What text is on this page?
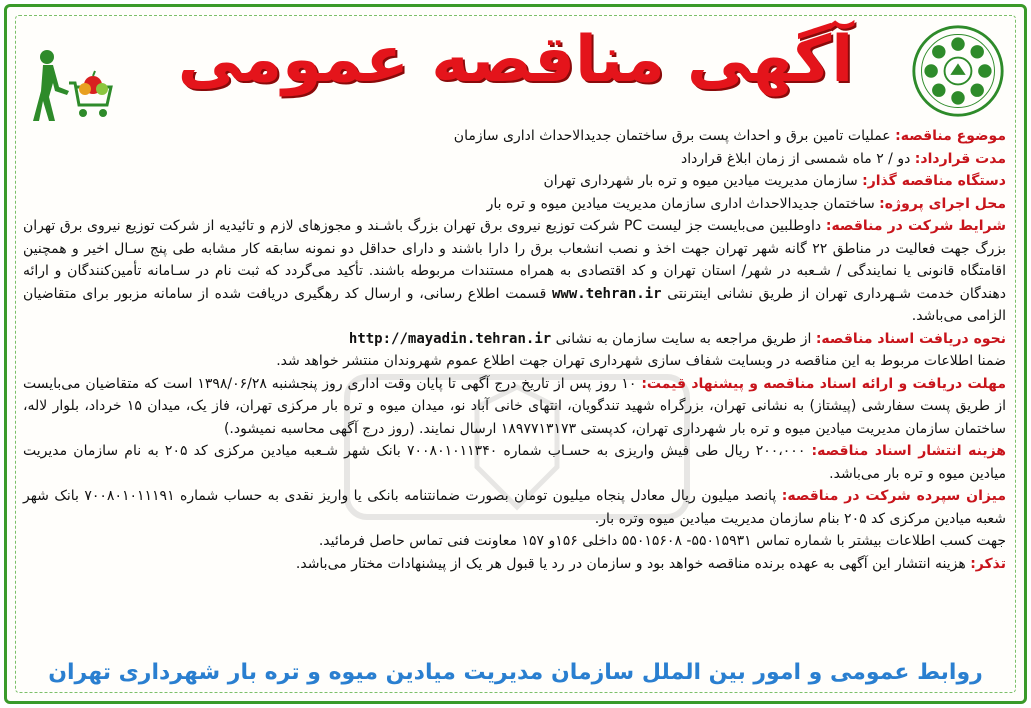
آگهی مناقصه عمومی

موضوع مناقصه: عملیات تامین برق و احداث پست برق ساختمان جدیدالاحداث اداری سازمان

مدت قرارداد: دو / ۲ ماه شمسی از زمان ابلاغ قرارداد

دستگاه مناقصه گذار: سازمان مدیریت میادین میوه و تره بار شهرداری تهران

محل اجرای پروژه: ساختمان جدیدالاحداث اداری سازمان مدیریت میادین میوه و تره بار

شرایط شرکت در مناقصه: داوطلبین می‌بایست جز لیست PC شرکت توزیع نیروی برق تهران بزرگ باشـند و مجوزهای لازم و تائیدیه از شرکت توزیع نیروی برق تهران بزرگ جهت فعالیت در مناطق ۲۲ گانه شهر تهران جهت اخذ و نصب انشعاب برق را دارا باشند و دارای حداقل دو نمونه سابقه کار مشابه طی پنج سـال اخیر و همچنین اقامتگاه قانونی یا نمایندگی / شـعبه در شهر/ استان تهران و کد اقتصادی به همراه مستندات مربوطه باشند. تأکید می‌گردد که ثبت نام در سـامانه تأمین‌کنندگان و ارائه دهندگان خدمت شـهرداری تهران از طریق نشانی اینترنتی www.tehran.ir قسمت اطلاع رسانی، و ارسال کد رهگیری دریافت شده از سامانه مزبور برای متقاضیان الزامی می‌باشد.

نحوه دریافت اسناد مناقصه: از طریق مراجعه به سایت سازمان به نشانی http://mayadin.tehran.ir

ضمنا اطلاعات مربوط به این مناقصه در وبسایت شفاف سازی شهرداری تهران جهت اطلاع عموم شهروندان منتشر خواهد شد.

مهلت دریافت و ارائه اسناد مناقصه و پیشنهاد قیمت: ۱۰ روز پس از تاریخ درج آگهی تا پایان وقت اداری روز پنجشنبه ۱۳۹۸/۰۶/۲۸ است که متقاضیان می‌بایست از طریق پست سفارشی (پیشتاز) به نشانی تهران، بزرگراه شهید تندگویان، انتهای خانی آباد نو، میدان میوه و تره بار مرکزی تهران، فاز یک، میدان ۱۵ خرداد، بلوار لاله، ساختمان سازمان مدیریت میادین میوه و تره بار شهرداری تهران، کدپستی ۱۸۹۷۷۱۳۱۷۳ ارسال نمایند. (روز درج آگهی محاسبه نمیشود.)

هزینه انتشار اسناد مناقصه: ۲۰۰،۰۰۰ ریال طی فیش واریزی به حسـاب شماره ۷۰۰۸۰۱۰۱۱۳۴۰ بانک شهر شـعبه میادین مرکزی کد ۲۰۵ به نام سازمان مدیریت میادین میوه و تره بار می‌باشد.

میزان سپرده شرکت در مناقصه: پانصد میلیون ریال معادل پنجاه میلیون تومان بصورت ضمانتنامه بانکی یا واریز نقدی به حساب شماره ۷۰۰۸۰۱۰۱۱۱۹۱ بانک شهر شعبه میادین مرکزی کد ۲۰۵ بنام سازمان مدیریت میادین میوه وتره بار.

جهت کسب اطلاعات بیشتر با شماره تماس ۵۵۰۱۵۹۳۱- ۵۵۰۱۵۶۰۸ داخلی ۱۵۶و ۱۵۷ معاونت فنی تماس حاصل فرمائید.

تذکر: هزینه انتشار این آگهی به عهده برنده مناقصه خواهد بود و سازمان در رد یا قبول هر یک از پیشنهادات مختار می‌باشد.

روابط عمومی و امور بین الملل سازمان مدیریت میادین میوه و تره بار شهرداری تهران
